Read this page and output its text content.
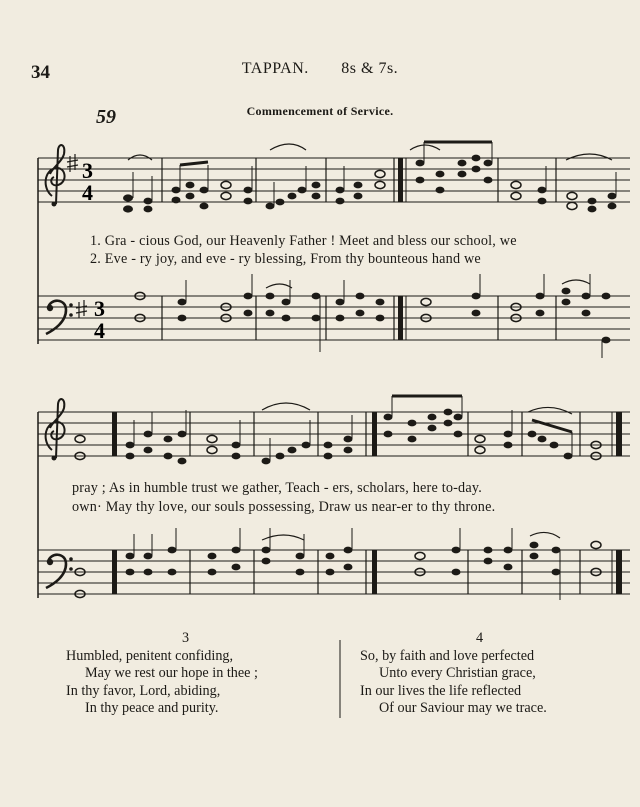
34	TAPPAN. 8s & 7s.
59	Commencement of Service.
3
4
3
4
1. Gra - cious God, our Heavenly Father ! Meet and bless our school, we
2. Eve - ry joy, and eve - ry blessing, From thy bounteous hand we
pray ; As in humble trust we gather, Teach - ers, scholars, here to-day.
own· May thy love, our souls possessing, Draw us near-er to thy throne.
3
Humbled, penitent confiding,
May we rest our hope in thee ;
In thy favor, Lord, abiding,
In thy peace and purity.
4
So, by faith and love perfected
Unto every Christian grace,
In our lives the life reflected
Of our Saviour may we trace.
